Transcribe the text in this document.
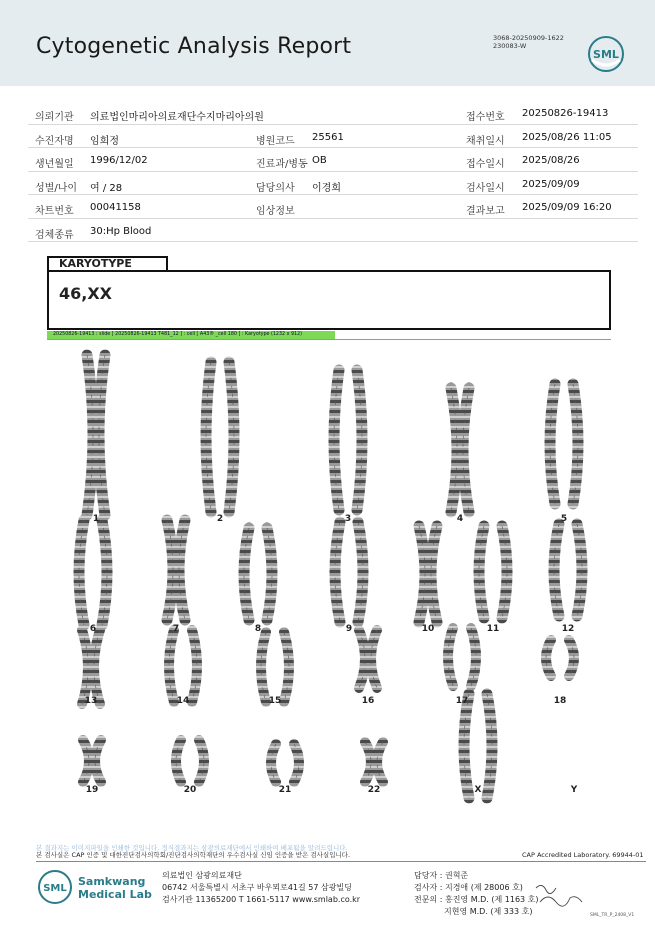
Cytogenetic Analysis Report	3068-20250909-1622
230083-W
SML
의뢰기관 의료법인마리아의료재단수지마리아의원	접수번호 20250826-19413
수진자명 임희정	병원코드 25561	채취일시 2025/08/26 11:05
생년월일 1996/12/02	진료과/병동 OB	접수일시 2025/08/26
성별/나이 여 / 28	담당의사 이경희	검사일시 2025/09/09
차트번호 00041158	임상정보	결과보고 2025/09/09 16:20
검체종류 30:Hp Blood
KARYOTYPE
46,XX
20250826-19413 : slide [ 20250826-19413 T481_12 ] : cell [ A43® _cell 180 ] : Karyotype (1232 x 912)
1	2	3	4	5
6	7	8	9	10	11	12
13	14	15	16	17	18
19	20	21	22	X	Y
본 결과지는 이미지파일을 인쇄한 것입니다. 정식결과지는 삼광의료재단에서 인쇄하여 배포됨을 알려드립니다.
본 검사실은 CAP 인증 및 대한진단검사의학회/진단검사의학재단의 우수검사실 신임 인증을 받은 검사실입니다.	CAP Accredited Laboratory. 69944-01
SML
Samkwang
Medical Lab
의료법인 삼광의료재단
06742 서울특별시 서초구 바우뫼로41길 57 삼광빌딩
검사기관 11365200 T 1661-5117 www.smlab.co.kr
담당자 : 권혁준
검사자 : 지경애 (제 28006 호)
전문의 : 홍진영 M.D. (제 1163 호)
지현영 M.D. (제 333 호)	SML_TR_P_2408_V1
